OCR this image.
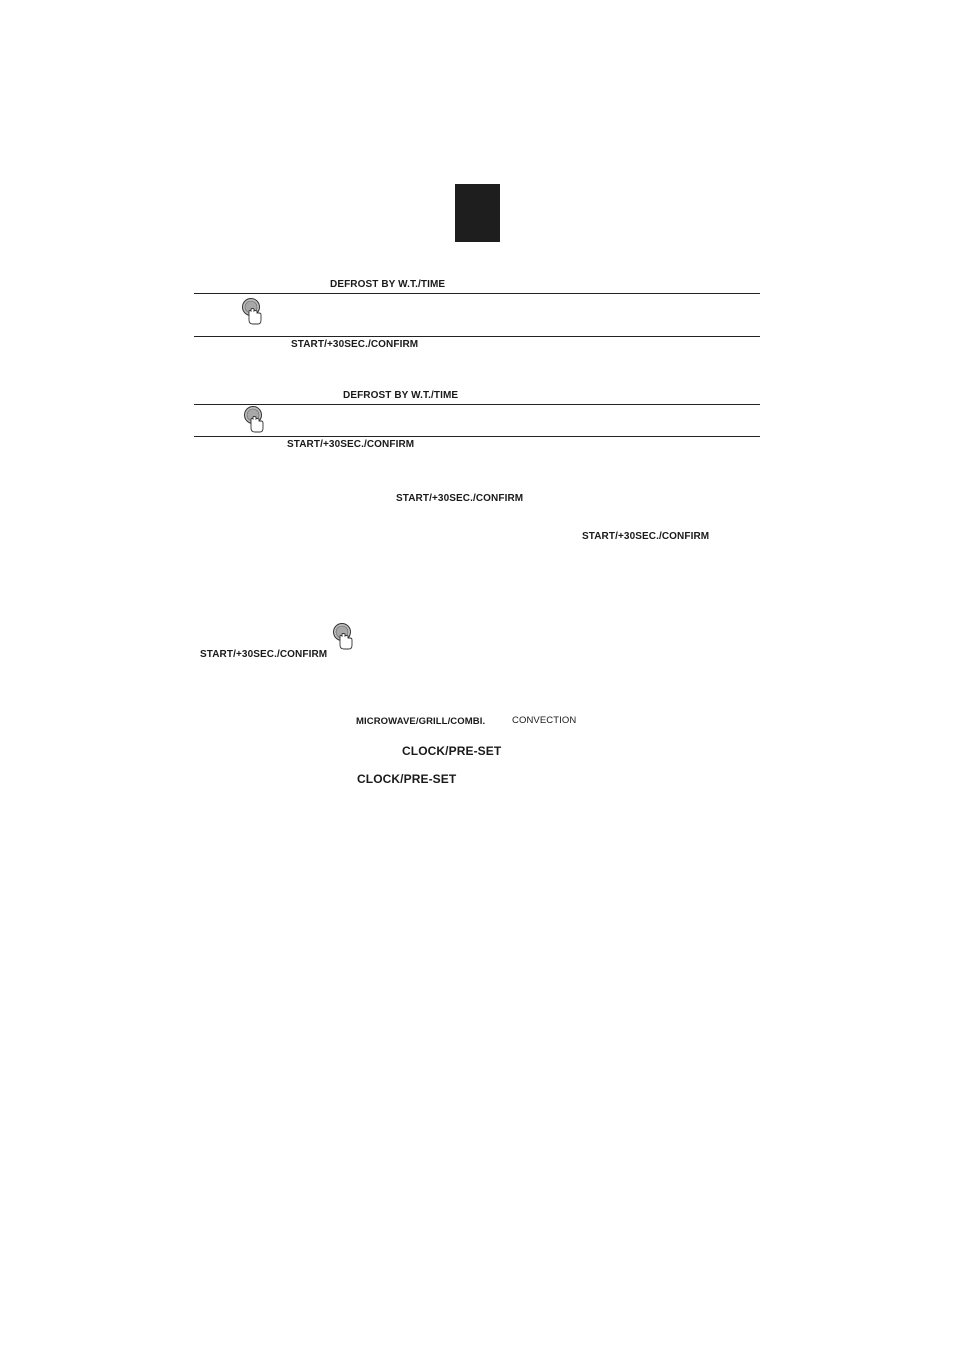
DEFROST BY W.T./TIME
START/+30SEC./CONFIRM
DEFROST BY W.T./TIME
START/+30SEC./CONFIRM
START/+30SEC./CONFIRM
START/+30SEC./CONFIRM
START/+30SEC./CONFIRM
MICROWAVE/GRILL/COMBI.	CONVECTION
CLOCK/PRE-SET
CLOCK/PRE-SET
